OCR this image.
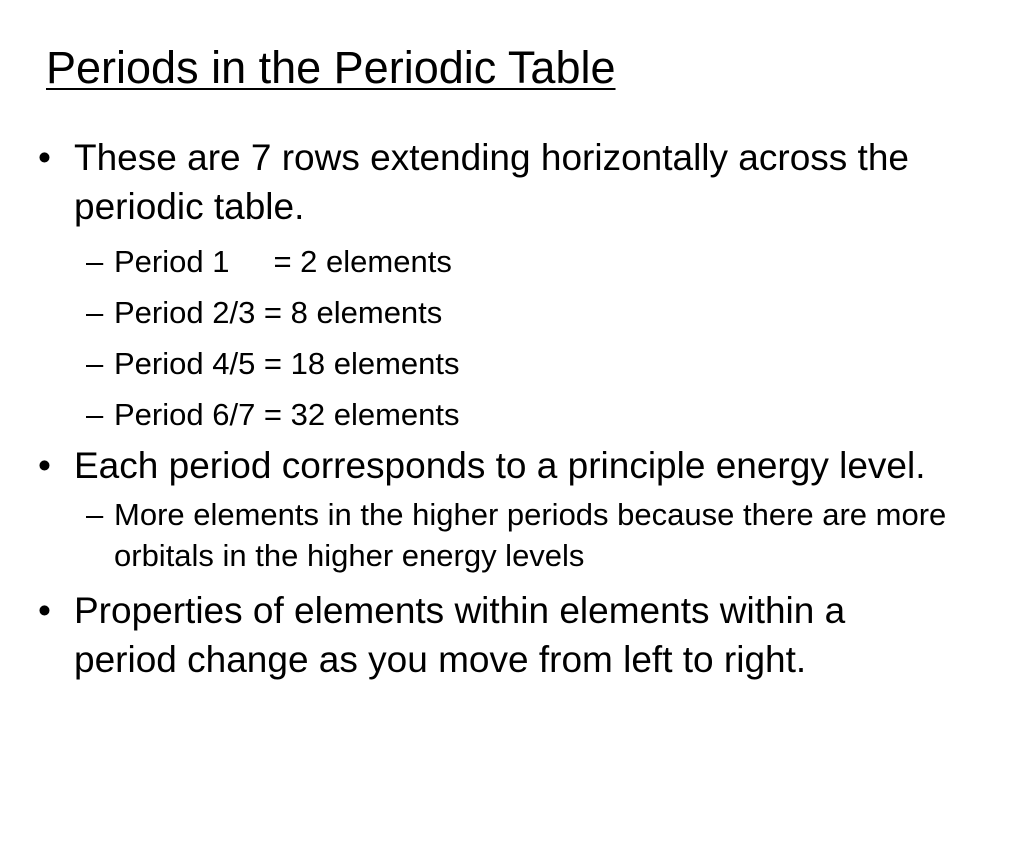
Periods in the Periodic Table
• These are 7 rows extending horizontally across the periodic table.
– Period 1 = 2 elements
– Period 2/3 = 8 elements
– Period 4/5 = 18 elements
– Period 6/7 = 32 elements
• Each period corresponds to a principle energy level.
– More elements in the higher periods because there are more orbitals in the higher energy levels
• Properties of elements within elements within a period change as you move from left to right.
